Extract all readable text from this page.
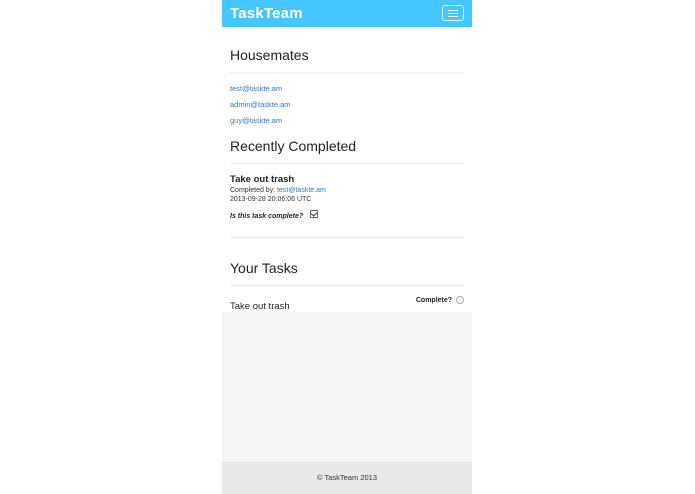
TaskTeam
Housemates
test@taskte.am
admin@taskte.am
guy@taskte.am
Recently Completed
Take out trash
Completed by: test@taskte.am
2013-09-28 20:06:06 UTC
Is this task complete?
Your Tasks
Take out trash
Complete?
© TaskTeam 2013
